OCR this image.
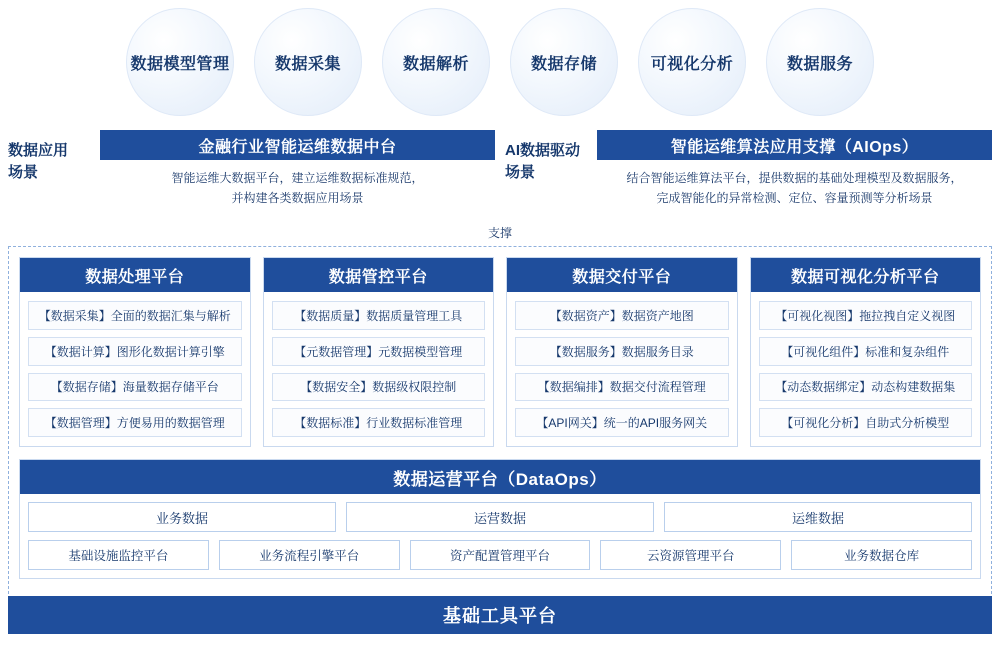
数据模型管理	数据采集	数据解析	数据存储	可视化分析	数据服务
数据应用
场景
金融行业智能运维数据中台
智能运维大数据平台，建立运维数据标准规范，
并构建各类数据应用场景
AI数据驱动
场景
智能运维算法应用支撑（AIOps）
结合智能运维算法平台，提供数据的基础处理模型及数据服务，
完成智能化的异常检测、定位、容量预测等分析场景
支撑
数据处理平台
【数据采集】全面的数据汇集与解析
【数据计算】图形化数据计算引擎
【数据存储】海量数据存储平台
【数据管理】方便易用的数据管理
数据管控平台
【数据质量】数据质量管理工具
【元数据管理】元数据模型管理
【数据安全】数据级权限控制
【数据标准】行业数据标准管理
数据交付平台
【数据资产】数据资产地图
【数据服务】数据服务目录
【数据编排】数据交付流程管理
【API网关】统一的API服务网关
数据可视化分析平台
【可视化视图】拖拉拽自定义视图
【可视化组件】标准和复杂组件
【动态数据绑定】动态构建数据集
【可视化分析】自助式分析模型
数据运营平台（DataOps）
业务数据	运营数据	运维数据
基础设施监控平台	业务流程引擎平台	资产配置管理平台	云资源管理平台	业务数据仓库
基础工具平台
